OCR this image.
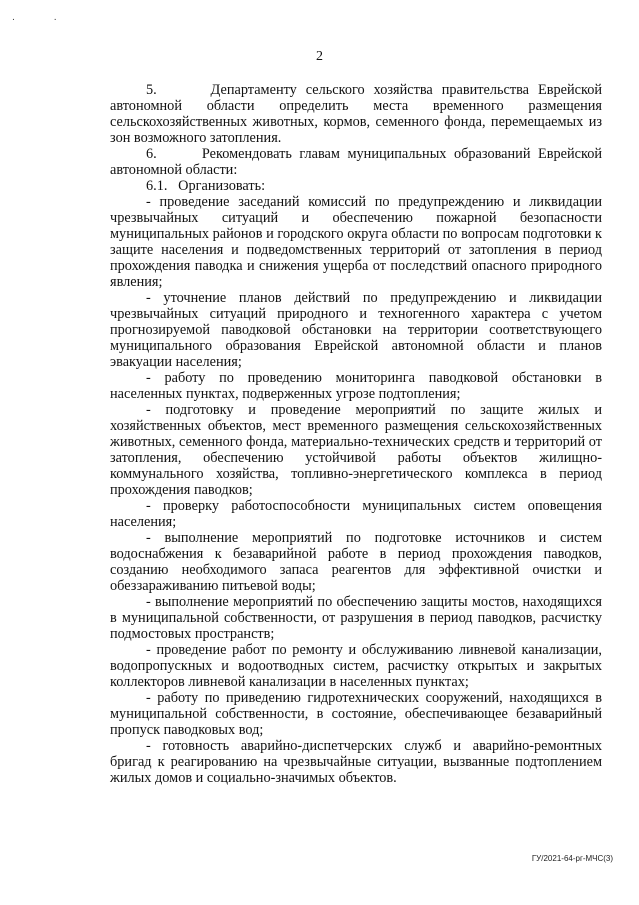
. .
2

5.      Департаменту сельского хозяйства правительства Еврейской автономной области определить места временного размещения сельскохозяйственных животных, кормов, семенного фонда, перемещаемых из зон возможного затопления.

6.      Рекомендовать главам муниципальных образований Еврейской автономной области:

6.1.   Организовать:

- проведение заседаний комиссий по предупреждению и ликвидации чрезвычайных ситуаций и обеспечению пожарной безопасности муниципальных районов и городского округа области по вопросам подготовки к защите населения и подведомственных территорий от затопления в период прохождения паводка и снижения ущерба от последствий опасного природного явления;

- уточнение планов действий по предупреждению и ликвидации чрезвычайных ситуаций природного и техногенного характера с учетом прогнозируемой паводковой обстановки на территории соответствующего муниципального образования Еврейской автономной области и планов эвакуации населения;

- работу по проведению мониторинга паводковой обстановки в населенных пунктах, подверженных угрозе подтопления;

- подготовку и проведение мероприятий по защите жилых и хозяйственных объектов, мест временного размещения сельскохозяйственных животных, семенного фонда, материально-технических средств и территорий от затопления, обеспечению устойчивой работы объектов жилищно-коммунального хозяйства, топливно-энергетического комплекса в период прохождения паводков;

- проверку работоспособности муниципальных систем оповещения населения;

- выполнение мероприятий по подготовке источников и систем водоснабжения к безаварийной работе в период прохождения паводков, созданию необходимого запаса реагентов для эффективной очистки и обеззараживанию питьевой воды;

- выполнение мероприятий по обеспечению защиты мостов, находящихся в муниципальной собственности, от разрушения в период паводков, расчистку подмостовых пространств;

- проведение работ по ремонту и обслуживанию ливневой канализации, водопропускных и водоотводных систем, расчистку открытых и закрытых коллекторов ливневой канализации в населенных пунктах;

- работу по приведению гидротехнических сооружений, находящихся в муниципальной собственности, в состояние, обеспечивающее безаварийный пропуск паводковых вод;

- готовность аварийно-диспетчерских служб и аварийно-ремонтных бригад к реагированию на чрезвычайные ситуации, вызванные подтоплением жилых домов и социально-значимых объектов.

ГУ/2021-64-рг-МЧС(3)
